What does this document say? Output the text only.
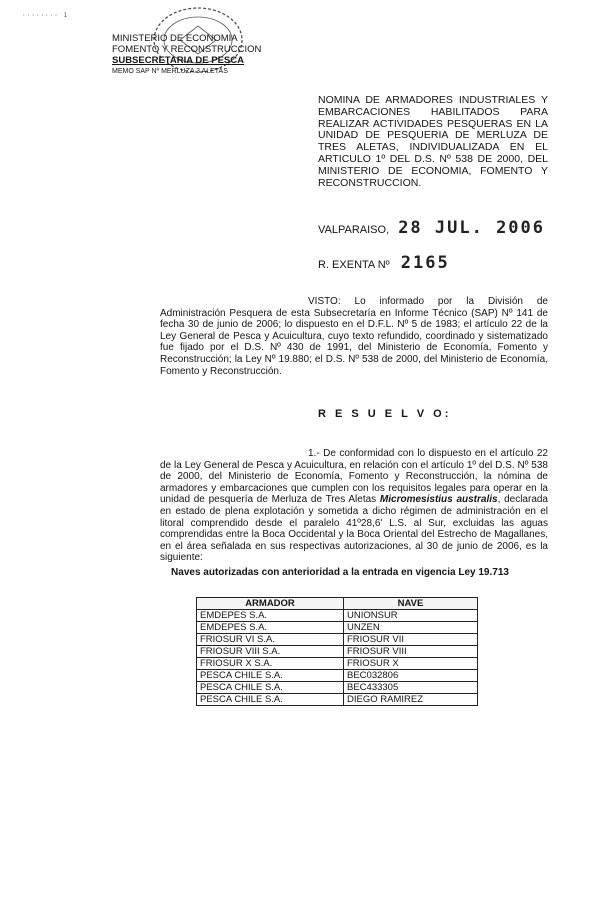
········ 1
MINISTERIO DE ECONOMIA
FOMENTO Y RECONSTRUCCION
SUBSECRETARIA DE PESCA
MEMO SAP Nº MERLUZA 3 ALETAS
NOMINA DE ARMADORES INDUSTRIALES Y EMBARCACIONES HABILITADOS PARA REALIZAR ACTIVIDADES PESQUERAS EN LA UNIDAD DE PESQUERIA DE MERLUZA DE TRES ALETAS, INDIVIDUALIZADA EN EL ARTICULO 1º DEL D.S. Nº 538 DE 2000, DEL MINISTERIO DE ECONOMIA, FOMENTO Y RECONSTRUCCION.
VALPARAISO, 28 JUL. 2006
R. EXENTA Nº 2165
VISTO: Lo informado por la División de Administración Pesquera de esta Subsecretaría en Informe Técnico (SAP) Nº 141 de fecha 30 de junio de 2006; lo dispuesto en el D.F.L. Nº 5 de 1983; el artículo 22 de la Ley General de Pesca y Acuicultura, cuyo texto refundido, coordinado y sistematizado fue fijado por el D.S. Nº 430 de 1991, del Ministerio de Economía, Fomento y Reconstrucción; la Ley Nº 19.880; el D.S. Nº 538 de 2000, del Ministerio de Economía, Fomento y Reconstrucción.
R E S U E L V O:
1.- De conformidad con lo dispuesto en el artículo 22 de la Ley General de Pesca y Acuicultura, en relación con el artículo 1º del D.S. Nº 538 de 2000, del Ministerio de Economía, Fomento y Reconstrucción, la nómina de armadores y embarcaciones que cumplen con los requisitos legales para operar en la unidad de pesquería de Merluza de Tres Aletas Micromesistius australis, declarada en estado de plena explotación y sometida a dicho régimen de administración en el litoral comprendido desde el paralelo 41º28,6' L.S. al Sur, excluidas las aguas comprendidas entre la Boca Occidental y la Boca Oriental del Estrecho de Magallanes, en el área señalada en sus respectivas autorizaciones, al 30 de junio de 2006, es la siguiente:
Naves autorizadas con anterioridad a la entrada en vigencia Ley 19.713
ARMADOR	NAVE
EMDEPES S.A.	UNIONSUR
EMDEPES S.A.	UNZEN
FRIOSUR VI S.A.	FRIOSUR VII
FRIOSUR VIII S.A.	FRIOSUR VIII
FRIOSUR X S.A.	FRIOSUR X
PESCA CHILE S.A.	BEC032806
PESCA CHILE S.A.	BEC433305
PESCA CHILE S.A.	DIEGO RAMIREZ
